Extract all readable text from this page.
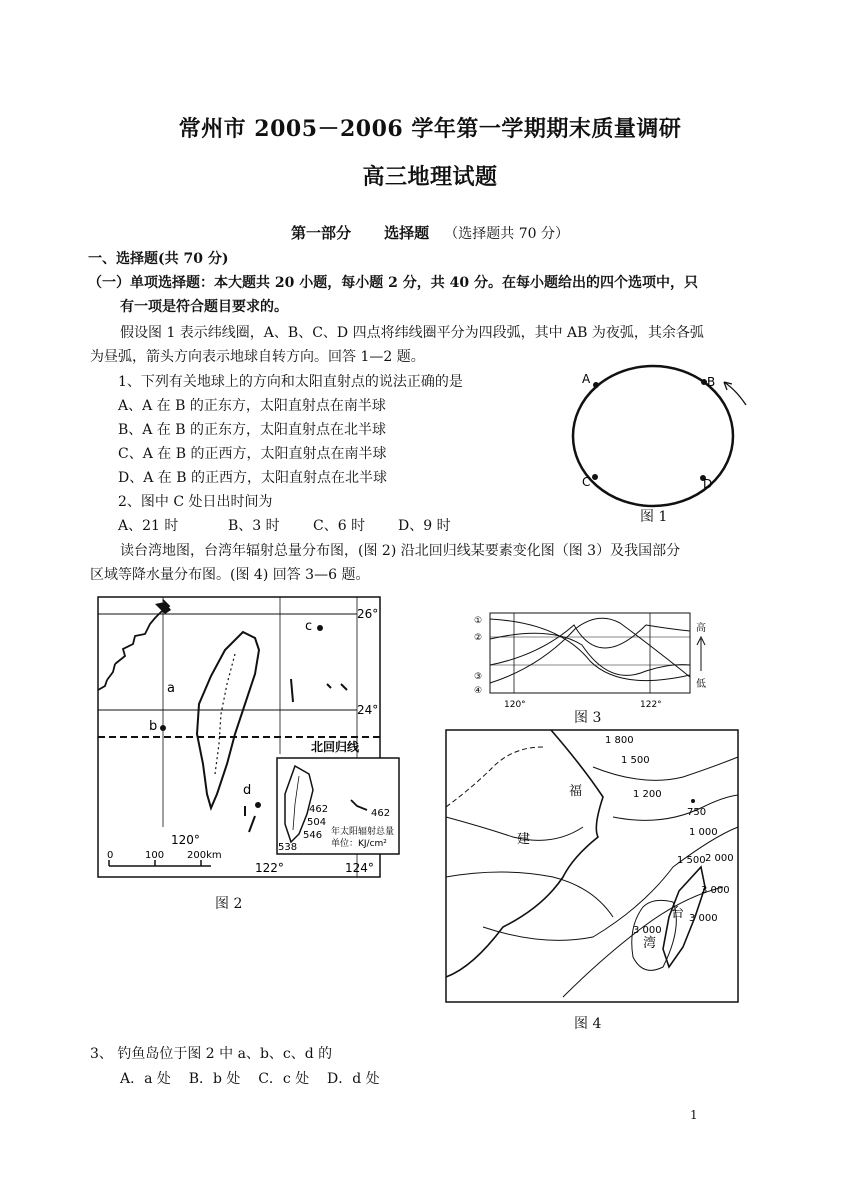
常州市 2005－2006 学年第一学期期末质量调研
高三地理试题
第一部分 选择题 （选择题共 70 分）
一、选择题(共 70 分)
（一）单项选择题：本大题共 20 小题，每小题 2 分，共 40 分。在每小题给出的四个选项中，只
有一项是符合题目要求的。
假设图 1 表示纬线圈，A、B、C、D 四点将纬线圈平分为四段弧，其中 AB 为夜弧，其余各弧
为昼弧，箭头方向表示地球自转方向。回答 1—2 题。
1、下列有关地球上的方向和太阳直射点的说法正确的是
A、A 在 B 的正东方，太阳直射点在南半球
B、A 在 B 的正东方，太阳直射点在北半球
C、A 在 B 的正西方，太阳直射点在南半球
D、A 在 B 的正西方，太阳直射点在北半球
2、图中 C 处日出时间为
A、21 时	B、3 时 C、6 时 D、9 时
A	B
C	D
图 1
读台湾地图，台湾年辐射总量分布图，(图 2) 沿北回归线某要素变化图（图 3）及我国部分
区域等降水量分布图。(图 4) 回答 3—6 题。
a
b
c
d
26°
24°
北回归线
120°
122°	124°
0	100 200km
462
504
546
538
462
年太阳辐射总量
单位：KJ/cm²
图 2
①
②
③
④
高
低
120°	122°
图 3
福
建
台
湾
1 800
1 500
1 200
750
1 000
1 500 2 000
3 000
3 000
3 000
图 4
3、 钓鱼岛位于图 2 中 a、b、c、d 的
A．a 处    B．b 处    C．c 处    D．d 处
1
